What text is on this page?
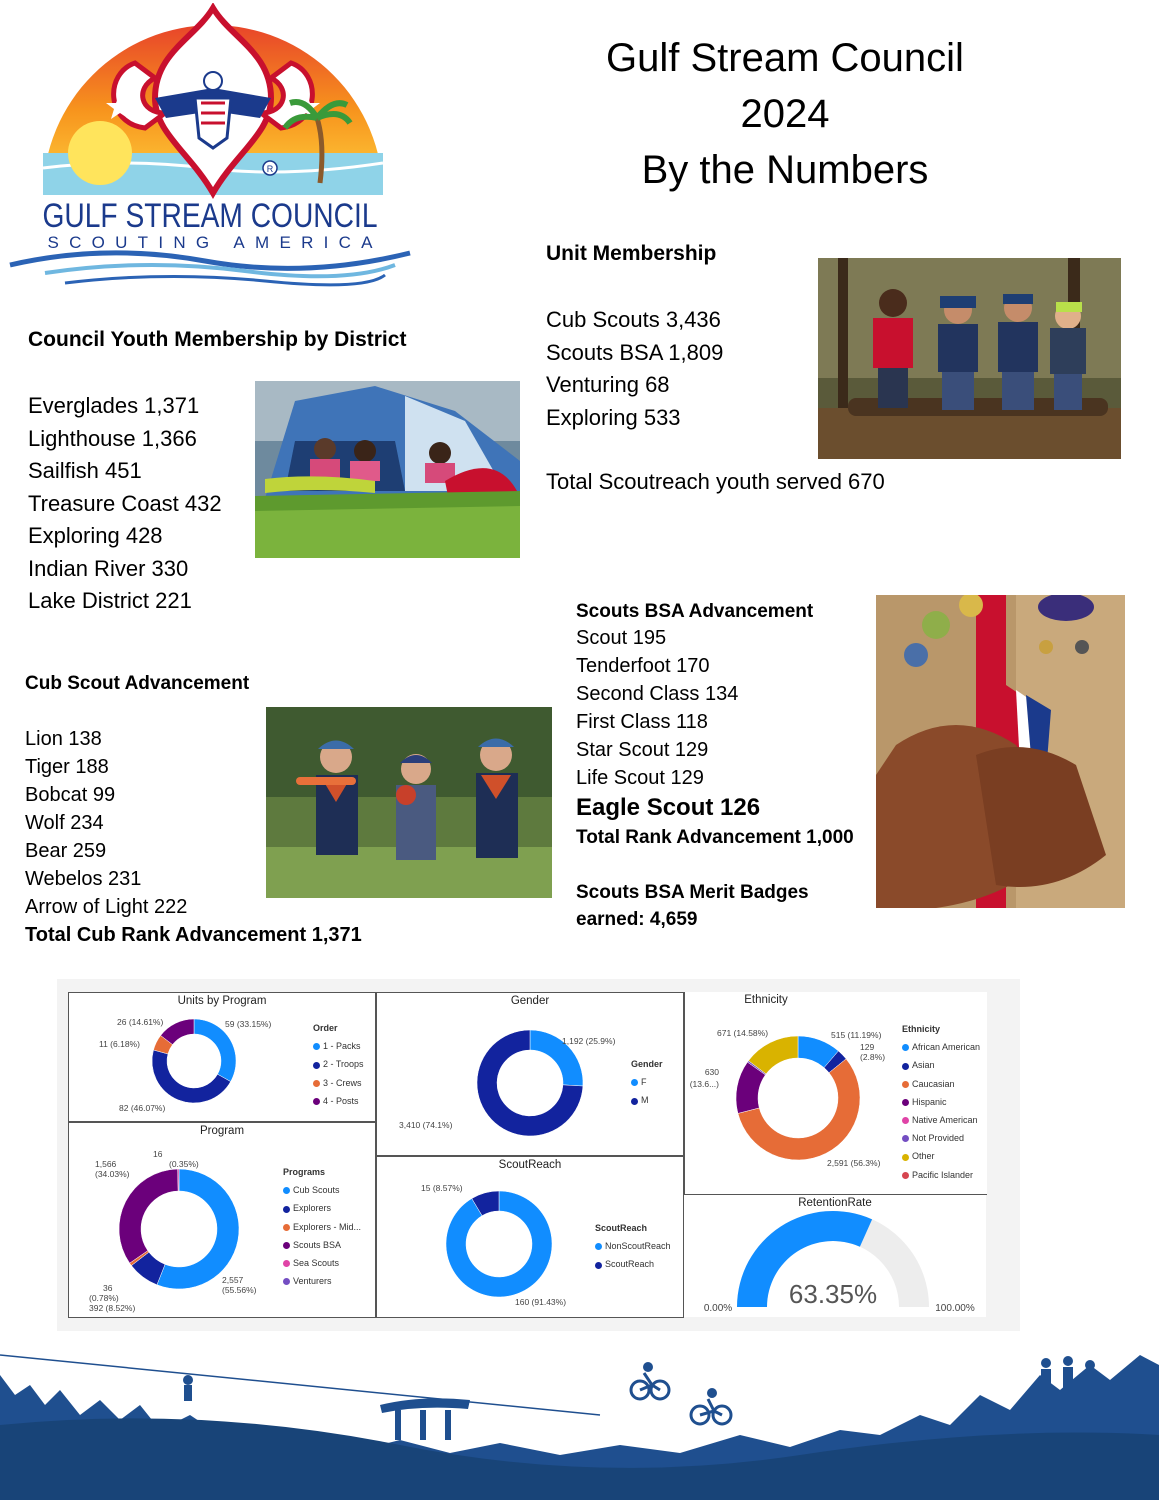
R
GULF STREAM COUNCIL
SCOUTING AMERICA
Gulf Stream Council
2024
By the Numbers
Council Youth Membership by District
Everglades 1,371
Lighthouse 1,366
Sailfish 451
Treasure Coast 432
Exploring 428
Indian River 330
Lake District 221
Unit Membership
Cub Scouts 3,436
Scouts BSA 1,809
Venturing 68
Exploring 533
Total Scoutreach youth served 670
Cub Scout Advancement
Lion 138
Tiger 188
Bobcat 99
Wolf 234
Bear 259
Webelos 231
Arrow of Light 222
Total Cub Rank Advancement 1,371
Scouts BSA Advancement
Scout 195
Tenderfoot 170
Second Class 134
First Class 118
Star Scout 129
Life Scout 129
Eagle Scout 126
Total Rank Advancement 1,000
Scouts BSA Merit Badges
earned: 4,659
Units by Program
59 (33.15%)
26 (14.61%)
11 (6.18%)
82 (46.07%)
Order
1 - Packs
2 - Troops
3 - Crews
4 - Posts
Program
2,557
(55.56%)
36
(0.78%)
392 (8.52%)
1,566
(34.03%)
16
(0.35%)
Programs
Cub Scouts
Explorers
Explorers - Mid...
Scouts BSA
Sea Scouts
Venturers
Gender
1,192 (25.9%)
3,410 (74.1%)
Gender
F
M
ScoutReach
160 (91.43%)
15 (8.57%)
ScoutReach
NonScoutReach
ScoutReach
Ethnicity
515 (11.19%)
129
(2.8%)
2,591 (56.3%)
630
(13.6...)
671 (14.58%)	Ethnicity
African American
Asian
Caucasian
Hispanic
Native American
Not Provided
Other
Pacific Islander
RetentionRate
63.35%
0.00%	100.00%
